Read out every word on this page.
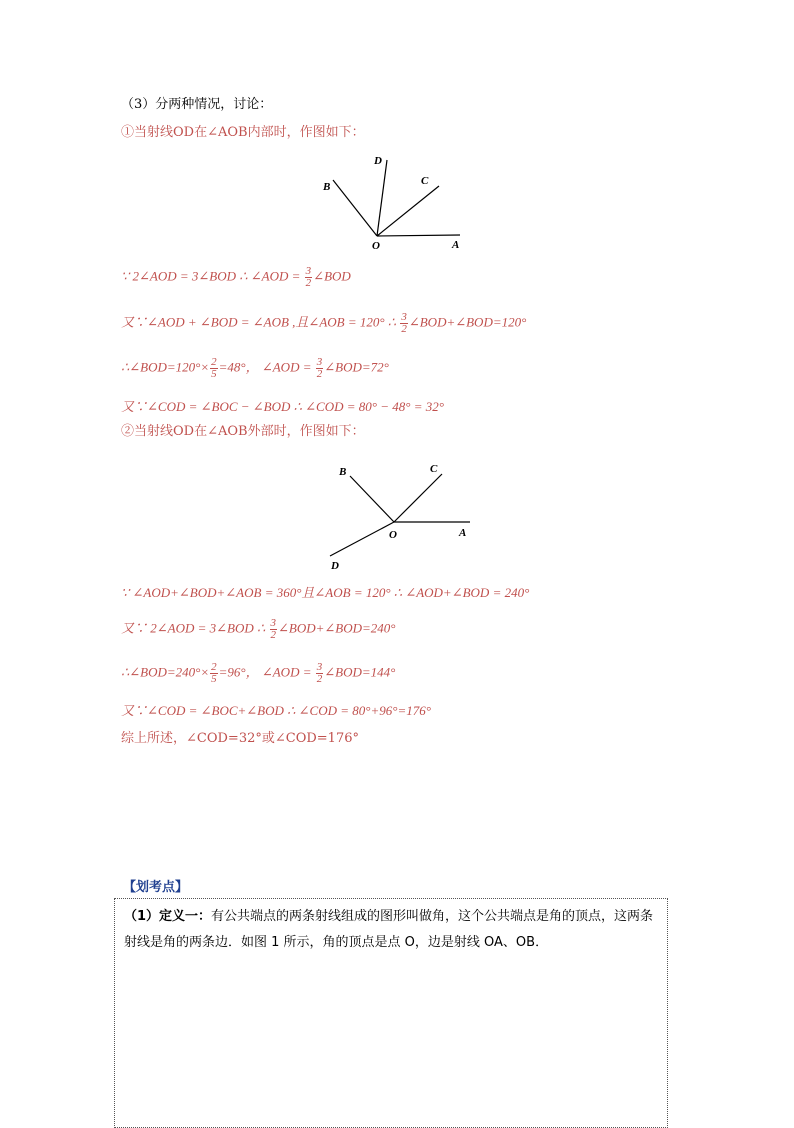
（3）分两种情况，讨论：
①当射线OD在∠AOB内部时，作图如下：
D
B	C
O	A
∵ 2∠AOD = 3∠BOD ∴ ∠AOD = $\frac{3}{2}$ ∠BOD
又∵∠AOD + ∠BOD = ∠AOB ,且∠AOB = 120° ∴ $\frac{3}{2}$ ∠BOD+∠BOD=120°
∴∠BOD=120°× $\frac{2}{5} =48^\circ$， ∠AOD = $\frac{3}{2}$ ∠BOD=72°
又∵∠COD = ∠BOC − ∠BOD ∴ ∠COD = 80° − 48° = 32°
②当射线OD在∠AOB外部时，作图如下：
B	C
O	A
D
∵ ∠AOD+∠BOD+∠AOB = 360°且∠AOB = 120° ∴ ∠AOD+∠BOD = 240°
又∵ 2∠AOD = 3∠BOD ∴ $\frac{3}{2}$ ∠BOD+∠BOD=240°
∴∠BOD=240°× $\frac{2}{5} =96^\circ$， ∠AOD = $\frac{3}{2}$ ∠BOD=144°
又∵∠COD = ∠BOC+∠BOD ∴ ∠COD = 80°+96°=176°
综上所述，∠COD=32°或∠COD=176°
【划考点】
（1）定义一：有公共端点的两条射线组成的图形叫做角，这个公共端点是角的顶点，这两条射线是角的两条边．如图 1 所示，角的顶点是点 O，边是射线 OA、OB．
